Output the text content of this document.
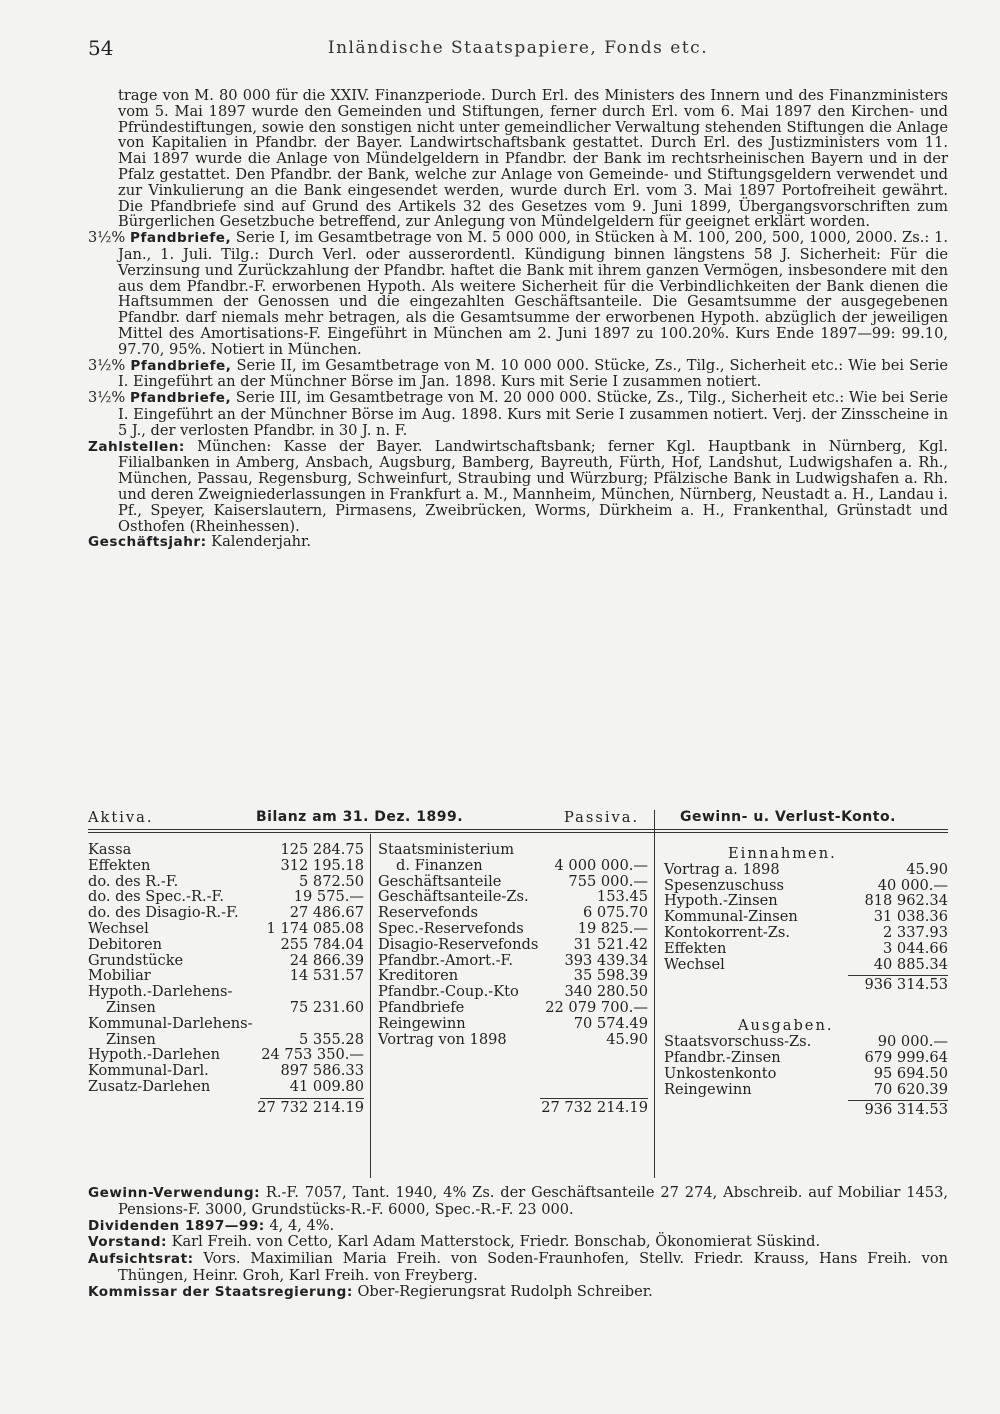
54	Inländische Staatspapiere, Fonds etc.

trage von M. 80 000 für die XXIV. Finanzperiode. Durch Erl. des Ministers des Innern und des Finanzministers vom 5. Mai 1897 wurde den Gemeinden und Stiftungen, ferner durch Erl. vom 6. Mai 1897 den Kirchen- und Pfründestiftungen, sowie den sonstigen nicht unter gemeindlicher Verwaltung stehenden Stiftungen die Anlage von Kapitalien in Pfandbr. der Bayer. Landwirtschaftsbank gestattet. Durch Erl. des Justizministers vom 11. Mai 1897 wurde die Anlage von Mündelgeldern in Pfandbr. der Bank im rechtsrheinischen Bayern und in der Pfalz gestattet. Den Pfandbr. der Bank, welche zur Anlage von Gemeinde- und Stiftungsgeldern verwendet und zur Vinkulierung an die Bank eingesendet werden, wurde durch Erl. vom 3. Mai 1897 Portofreiheit gewährt. Die Pfandbriefe sind auf Grund des Artikels 32 des Gesetzes vom 9. Juni 1899, Übergangsvorschriften zum Bürgerlichen Gesetzbuche betreffend, zur Anlegung von Mündelgeldern für geeignet erklärt worden.

3½% Pfandbriefe, Serie I, im Gesamtbetrage von M. 5 000 000, in Stücken à M. 100, 200, 500, 1000, 2000. Zs.: 1. Jan., 1. Juli. Tilg.: Durch Verl. oder ausserordentl. Kündigung binnen längstens 58 J. Sicherheit: Für die Verzinsung und Zurückzahlung der Pfandbr. haftet die Bank mit ihrem ganzen Vermögen, insbesondere mit den aus dem Pfandbr.-F. erworbenen Hypoth. Als weitere Sicherheit für die Verbindlichkeiten der Bank dienen die Haftsummen der Genossen und die eingezahlten Geschäftsanteile. Die Gesamtsumme der ausgegebenen Pfandbr. darf niemals mehr betragen, als die Gesamtsumme der erworbenen Hypoth. abzüglich der jeweiligen Mittel des Amortisations-F. Eingeführt in München am 2. Juni 1897 zu 100.20%. Kurs Ende 1897—99: 99.10, 97.70, 95%. Notiert in München.

3½% Pfandbriefe, Serie II, im Gesamtbetrage von M. 10 000 000. Stücke, Zs., Tilg., Sicherheit etc.: Wie bei Serie I. Eingeführt an der Münchner Börse im Jan. 1898. Kurs mit Serie I zusammen notiert.

3½% Pfandbriefe, Serie III, im Gesamtbetrage von M. 20 000 000. Stücke, Zs., Tilg., Sicherheit etc.: Wie bei Serie I. Eingeführt an der Münchner Börse im Aug. 1898. Kurs mit Serie I zusammen notiert. Verj. der Zinsscheine in 5 J., der verlosten Pfandbr. in 30 J. n. F.

Zahlstellen: München: Kasse der Bayer. Landwirtschaftsbank; ferner Kgl. Hauptbank in Nürnberg, Kgl. Filialbanken in Amberg, Ansbach, Augsburg, Bamberg, Bayreuth, Fürth, Hof, Landshut, Ludwigshafen a. Rh., München, Passau, Regensburg, Schweinfurt, Straubing und Würzburg; Pfälzische Bank in Ludwigshafen a. Rh. und deren Zweigniederlassungen in Frankfurt a. M., Mannheim, München, Nürnberg, Neustadt a. H., Landau i. Pf., Speyer, Kaiserslautern, Pirmasens, Zweibrücken, Worms, Dürkheim a. H., Frankenthal, Grünstadt und Osthofen (Rheinhessen).

Geschäftsjahr: Kalenderjahr.

Aktiva.	Bilanz am 31. Dez. 1899.	Passiva.	Gewinn- u. Verlust-Konto.
Kassa	125 284.75
Effekten	312 195.18
do. des R.-F.	5 872.50
do. des Spec.-R.-F.	19 575.—
do. des Disagio-R.-F.	27 486.67
Wechsel	1 174 085.08
Debitoren	255 784.04
Grundstücke	24 866.39
Mobiliar	14 531.57
Hypoth.-Darlehens-
Zinsen	75 231.60
Kommunal-Darlehens-
Zinsen	5 355.28
Hypoth.-Darlehen	24 753 350.—
Kommunal-Darl.	897 586.33
Zusatz-Darlehen	41 009.80
27 732 214.19
Staatsministerium
d. Finanzen	4 000 000.—
Geschäftsanteile	755 000.—
Geschäftsanteile-Zs.	153.45
Reservefonds	6 075.70
Spec.-Reservefonds	19 825.—
Disagio-Reservefonds 31 521.42
Pfandbr.-Amort.-F.	393 439.34
Kreditoren	35 598.39
Pfandbr.-Coup.-Kto	340 280.50
Pfandbriefe	22 079 700.—
Reingewinn	70 574.49
Vortrag von 1898	45.90
27 732 214.19
Einnahmen.
Vortrag a. 1898	45.90
Spesenzuschuss	40 000.—
Hypoth.-Zinsen	818 962.34
Kommunal-Zinsen	31 038.36
Kontokorrent-Zs.	2 337.93
Effekten	3 044.66
Wechsel	40 885.34
936 314.53
Ausgaben.
Staatsvorschuss-Zs.	90 000.—
Pfandbr.-Zinsen	679 999.64
Unkostenkonto	95 694.50
Reingewinn	70 620.39
936 314.53

Gewinn-Verwendung: R.-F. 7057, Tant. 1940, 4% Zs. der Geschäftsanteile 27 274, Abschreib. auf Mobiliar 1453, Pensions-F. 3000, Grundstücks-R.-F. 6000, Spec.-R.-F. 23 000.

Dividenden 1897—99: 4, 4, 4%.

Vorstand: Karl Freih. von Cetto, Karl Adam Matterstock, Friedr. Bonschab, Ökonomierat Süskind.

Aufsichtsrat: Vors. Maximilian Maria Freih. von Soden-Fraunhofen, Stellv. Friedr. Krauss, Hans Freih. von Thüngen, Heinr. Groh, Karl Freih. von Freyberg.

Kommissar der Staatsregierung: Ober-Regierungsrat Rudolph Schreiber.
